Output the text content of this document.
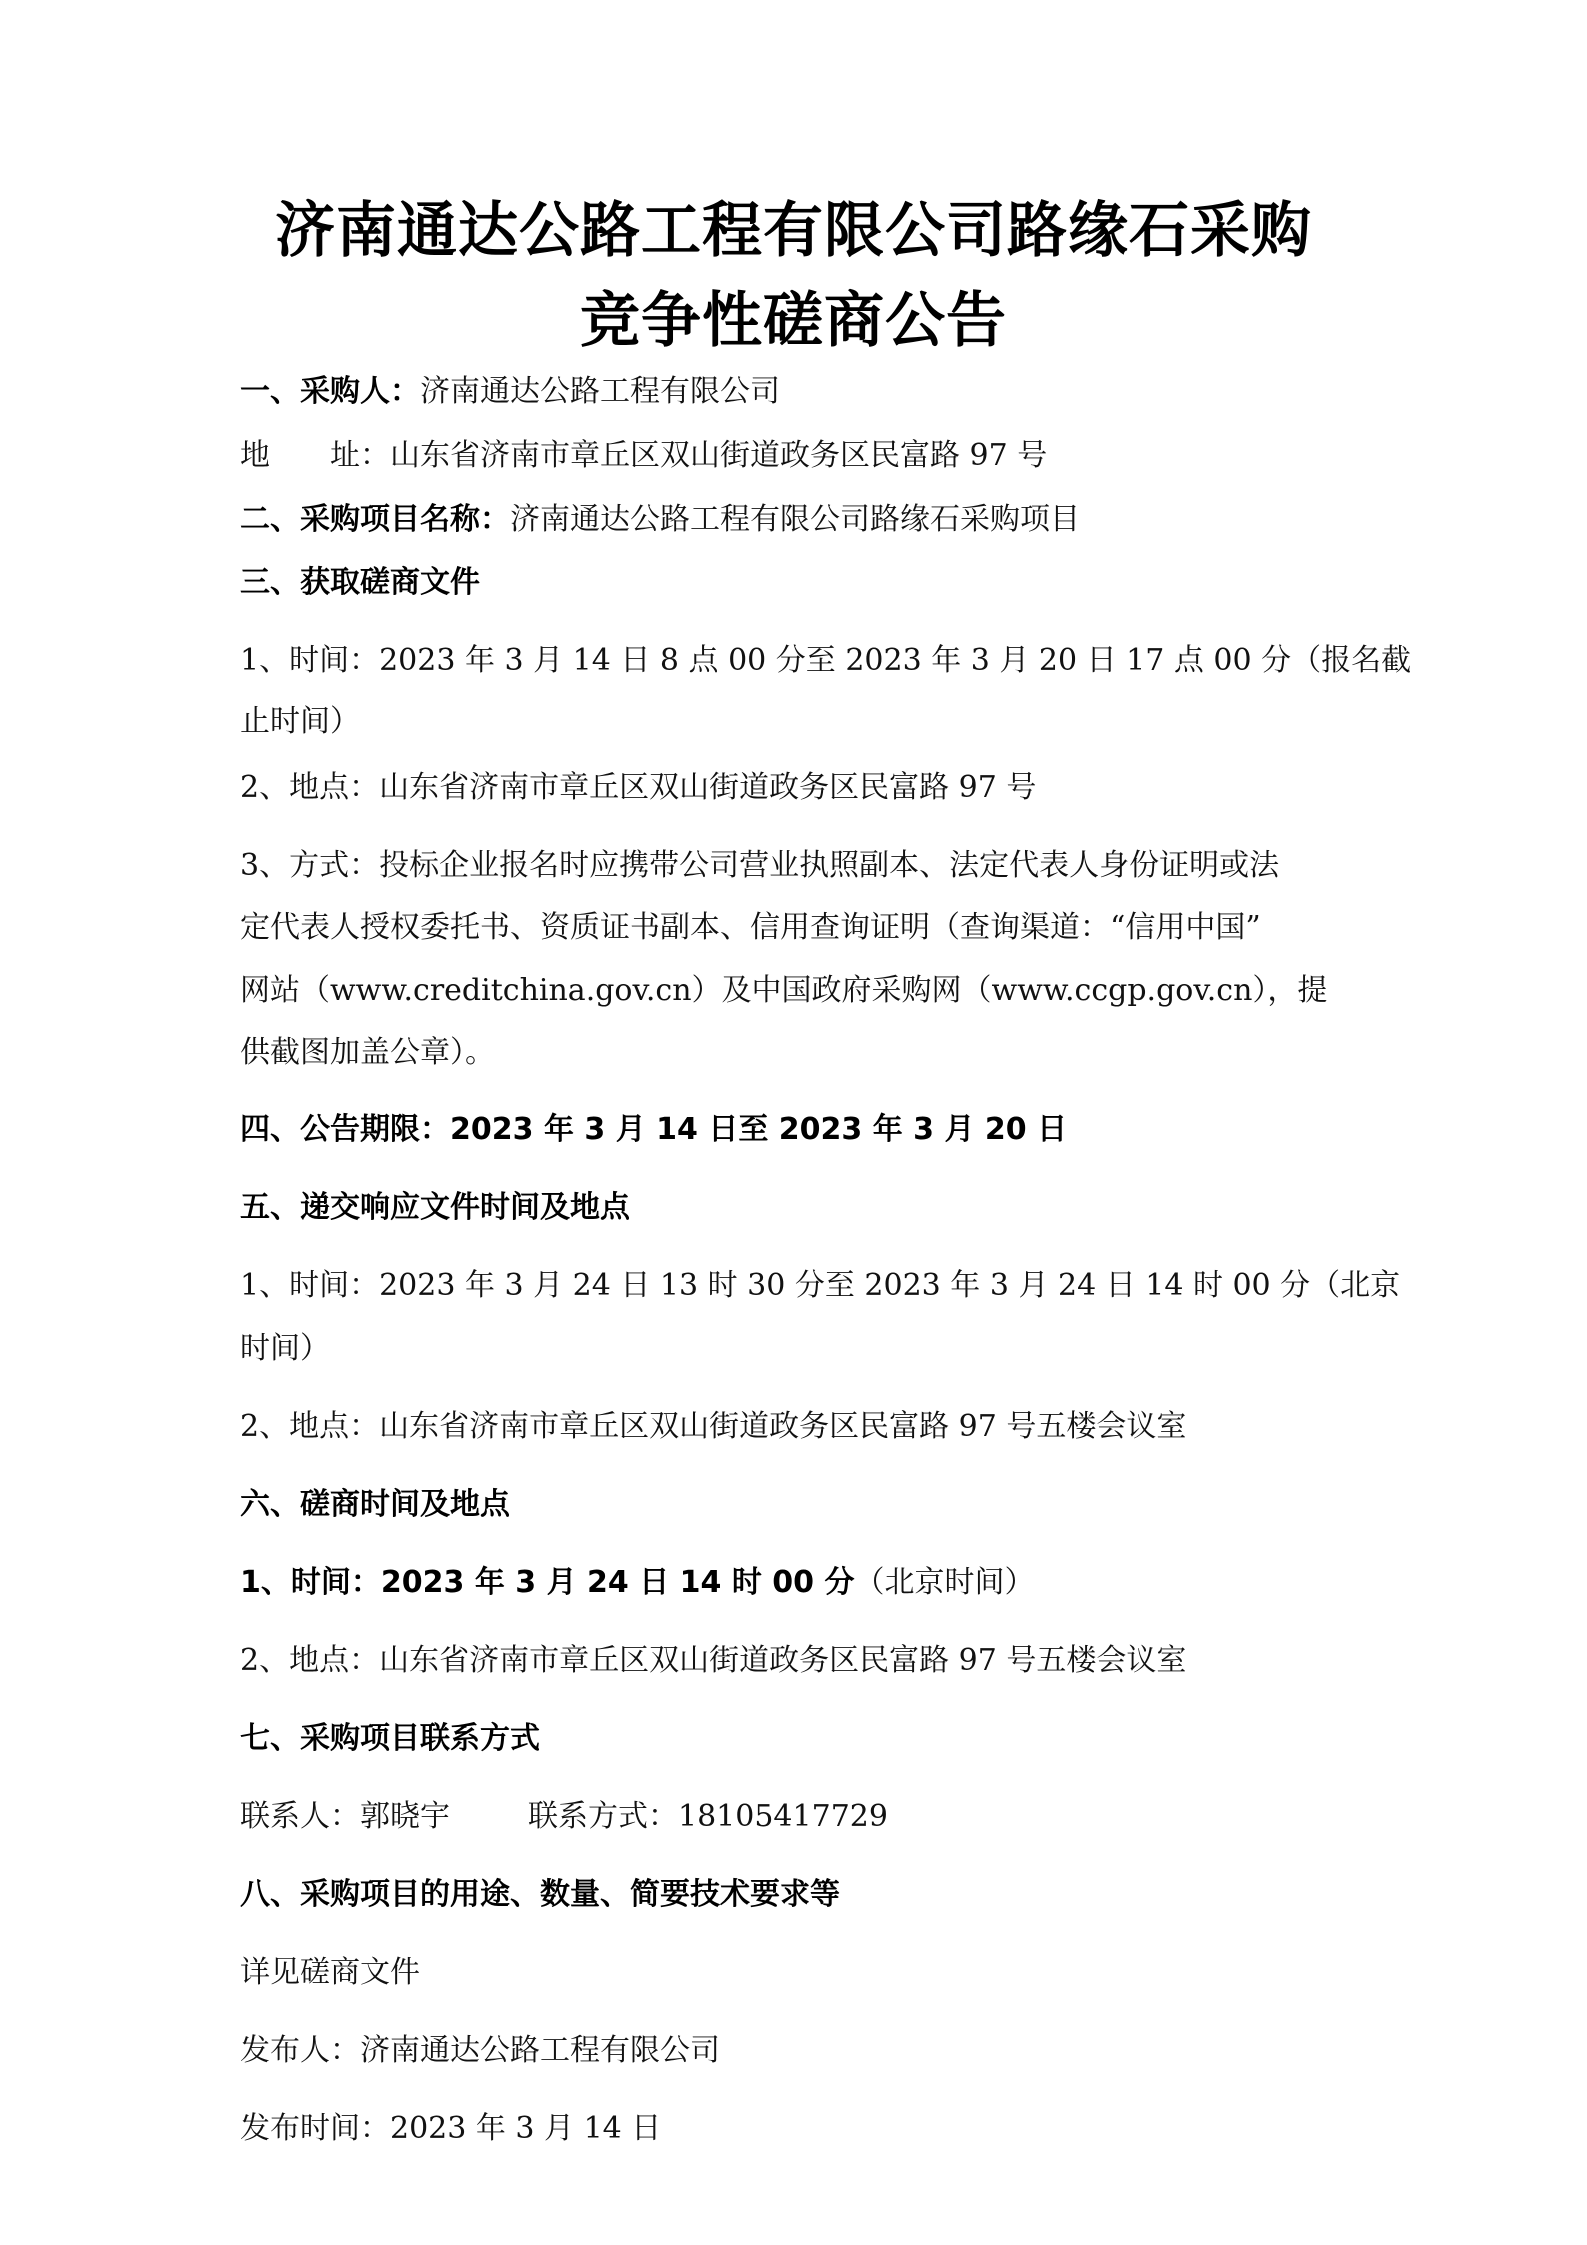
济南通达公路工程有限公司路缘石采购
竞争性磋商公告
一、采购人：济南通达公路工程有限公司
地 址：山东省济南市章丘区双山街道政务区民富路 97 号
二、采购项目名称：济南通达公路工程有限公司路缘石采购项目
三、获取磋商文件
1、时间：2023 年 3 月 14 日 8 点 00 分至 2023 年 3 月 20 日 17 点 00 分（报名截
止时间）
2、地点：山东省济南市章丘区双山街道政务区民富路 97 号
3、方式：投标企业报名时应携带公司营业执照副本、法定代表人身份证明或法
定代表人授权委托书、资质证书副本、信用查询证明（查询渠道：“信用中国”
网站（www.creditchina.gov.cn）及中国政府采购网（www.ccgp.gov.cn），提
供截图加盖公章）。
四、公告期限：2023 年 3 月 14 日至 2023 年 3 月 20 日
五、递交响应文件时间及地点
1、时间：2023 年 3 月 24 日 13 时 30 分至 2023 年 3 月 24 日 14 时 00 分（北京
时间）
2、地点：山东省济南市章丘区双山街道政务区民富路 97 号五楼会议室
六、磋商时间及地点
1、时间：2023 年 3 月 24 日 14 时 00 分（北京时间）
2、地点：山东省济南市章丘区双山街道政务区民富路 97 号五楼会议室
七、采购项目联系方式
联系人：郭晓宇	联系方式：18105417729
八、采购项目的用途、数量、简要技术要求等
详见磋商文件
发布人：济南通达公路工程有限公司
发布时间：2023 年 3 月 14 日
